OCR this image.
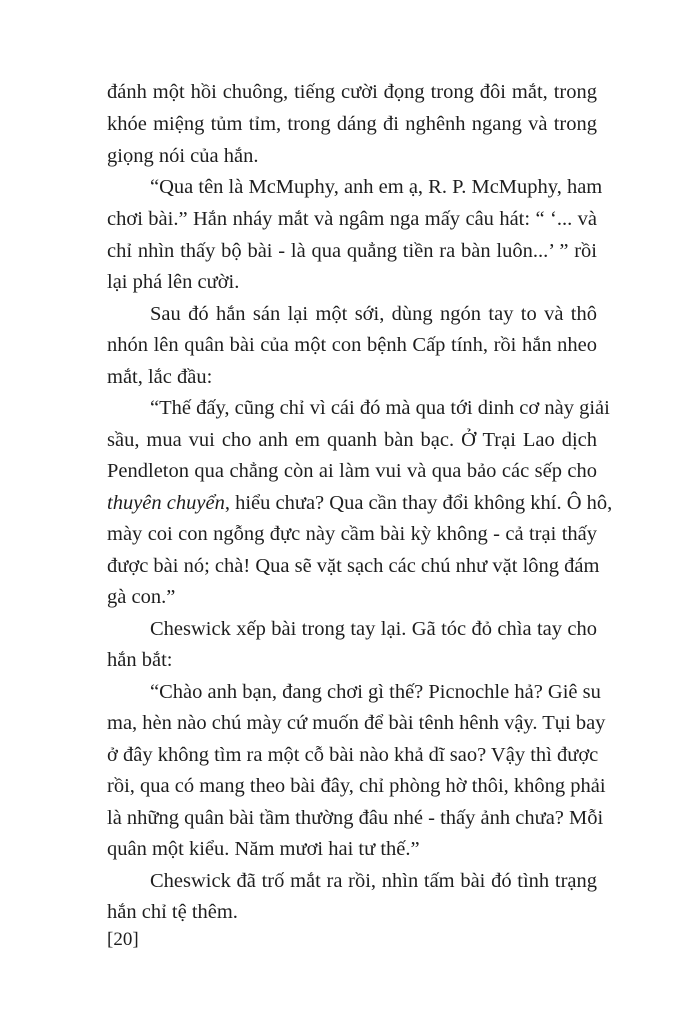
đánh một hồi chuông, tiếng cười đọng trong đôi mắt, trong
khóe miệng tủm tỉm, trong dáng đi nghênh ngang và trong
giọng nói của hắn.
“Qua tên là McMuphy, anh em ạ, R. P. McMuphy, ham
chơi bài.” Hắn nháy mắt và ngâm nga mấy câu hát: “ ‘... và
chỉ nhìn thấy bộ bài - là qua quẳng tiền ra bàn luôn...’ ” rồi
lại phá lên cười.
Sau đó hắn sán lại một sới, dùng ngón tay to và thô
nhón lên quân bài của một con bệnh Cấp tính, rồi hắn nheo
mắt, lắc đầu:
“Thế đấy, cũng chỉ vì cái đó mà qua tới dinh cơ này giải
sầu, mua vui cho anh em quanh bàn bạc. Ở Trại Lao dịch
Pendleton qua chẳng còn ai làm vui và qua bảo các sếp cho
thuyên chuyển, hiểu chưa? Qua cần thay đổi không khí. Ô hô,
mày coi con ngỗng đực này cầm bài kỳ không - cả trại thấy
được bài nó; chà! Qua sẽ vặt sạch các chú như vặt lông đám
gà con.”
Cheswick xếp bài trong tay lại. Gã tóc đỏ chìa tay cho
hắn bắt:
“Chào anh bạn, đang chơi gì thế? Picnochle hả? Giê su
ma, hèn nào chú mày cứ muốn để bài tênh hênh vậy. Tụi bay
ở đây không tìm ra một cỗ bài nào khả dĩ sao? Vậy thì được
rồi, qua có mang theo bài đây, chỉ phòng hờ thôi, không phải
là những quân bài tầm thường đâu nhé - thấy ảnh chưa? Mỗi
quân một kiểu. Năm mươi hai tư thế.”
Cheswick đã trố mắt ra rồi, nhìn tấm bài đó tình trạng
hắn chỉ tệ thêm.
[20]
